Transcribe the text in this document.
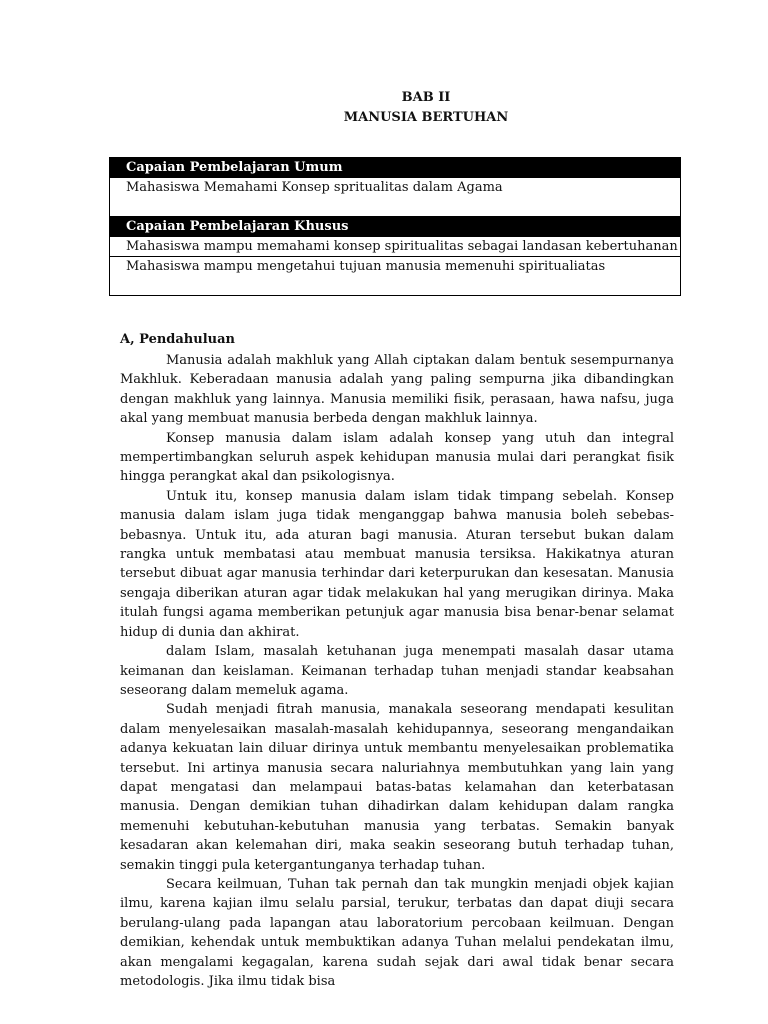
BAB II
MANUSIA BERTUHAN
Capaian Pembelajaran Umum
Mahasiswa Memahami Konsep spritualitas dalam Agama
Capaian Pembelajaran Khusus
Mahasiswa mampu memahami konsep spiritualitas sebagai landasan kebertuhanan
Mahasiswa mampu mengetahui tujuan manusia memenuhi spiritualiatas
A, Pendahuluan

Manusia adalah makhluk yang Allah ciptakan dalam bentuk sesempurnanya Makhluk. Keberadaan manusia adalah yang paling sempurna jika dibandingkan dengan makhluk yang lainnya. Manusia memiliki fisik, perasaan, hawa nafsu, juga akal yang membuat manusia berbeda dengan makhluk lainnya.

Konsep manusia dalam islam adalah konsep yang utuh dan integral mempertimbangkan seluruh aspek kehidupan manusia mulai dari perangkat fisik hingga perangkat akal dan psikologisnya.

Untuk itu, konsep manusia dalam islam tidak timpang sebelah. Konsep manusia dalam islam juga tidak menganggap bahwa manusia boleh sebebas-bebasnya. Untuk itu, ada aturan bagi manusia. Aturan tersebut bukan dalam rangka untuk membatasi atau membuat manusia tersiksa. Hakikatnya aturan tersebut dibuat agar manusia terhindar dari keterpurukan dan kesesatan. Manusia sengaja diberikan aturan agar tidak melakukan hal yang merugikan dirinya. Maka itulah fungsi agama memberikan petunjuk agar manusia bisa benar-benar selamat hidup di dunia dan akhirat.

dalam Islam, masalah ketuhanan juga menempati masalah dasar utama keimanan dan keislaman. Keimanan terhadap tuhan menjadi standar keabsahan seseorang dalam memeluk agama.

Sudah menjadi fitrah manusia, manakala seseorang mendapati kesulitan dalam menyelesaikan masalah-masalah kehidupannya, seseorang mengandaikan adanya kekuatan lain diluar dirinya untuk membantu menyelesaikan problematika tersebut. Ini artinya manusia secara naluriahnya membutuhkan yang lain yang dapat mengatasi dan melampaui batas-batas kelamahan dan keterbatasan manusia. Dengan demikian tuhan dihadirkan dalam kehidupan dalam rangka memenuhi kebutuhan-kebutuhan manusia yang terbatas. Semakin banyak kesadaran akan kelemahan diri, maka seakin seseorang butuh terhadap tuhan, semakin tinggi pula ketergantunganya terhadap tuhan.

Secara keilmuan, Tuhan tak pernah dan tak mungkin menjadi objek kajian ilmu, karena kajian ilmu selalu parsial, terukur, terbatas dan dapat diuji secara berulang-ulang pada lapangan atau laboratorium percobaan keilmuan. Dengan demikian, kehendak untuk membuktikan adanya Tuhan melalui pendekatan ilmu, akan mengalami kegagalan, karena sudah sejak dari awal tidak benar secara metodologis. Jika ilmu tidak bisa
